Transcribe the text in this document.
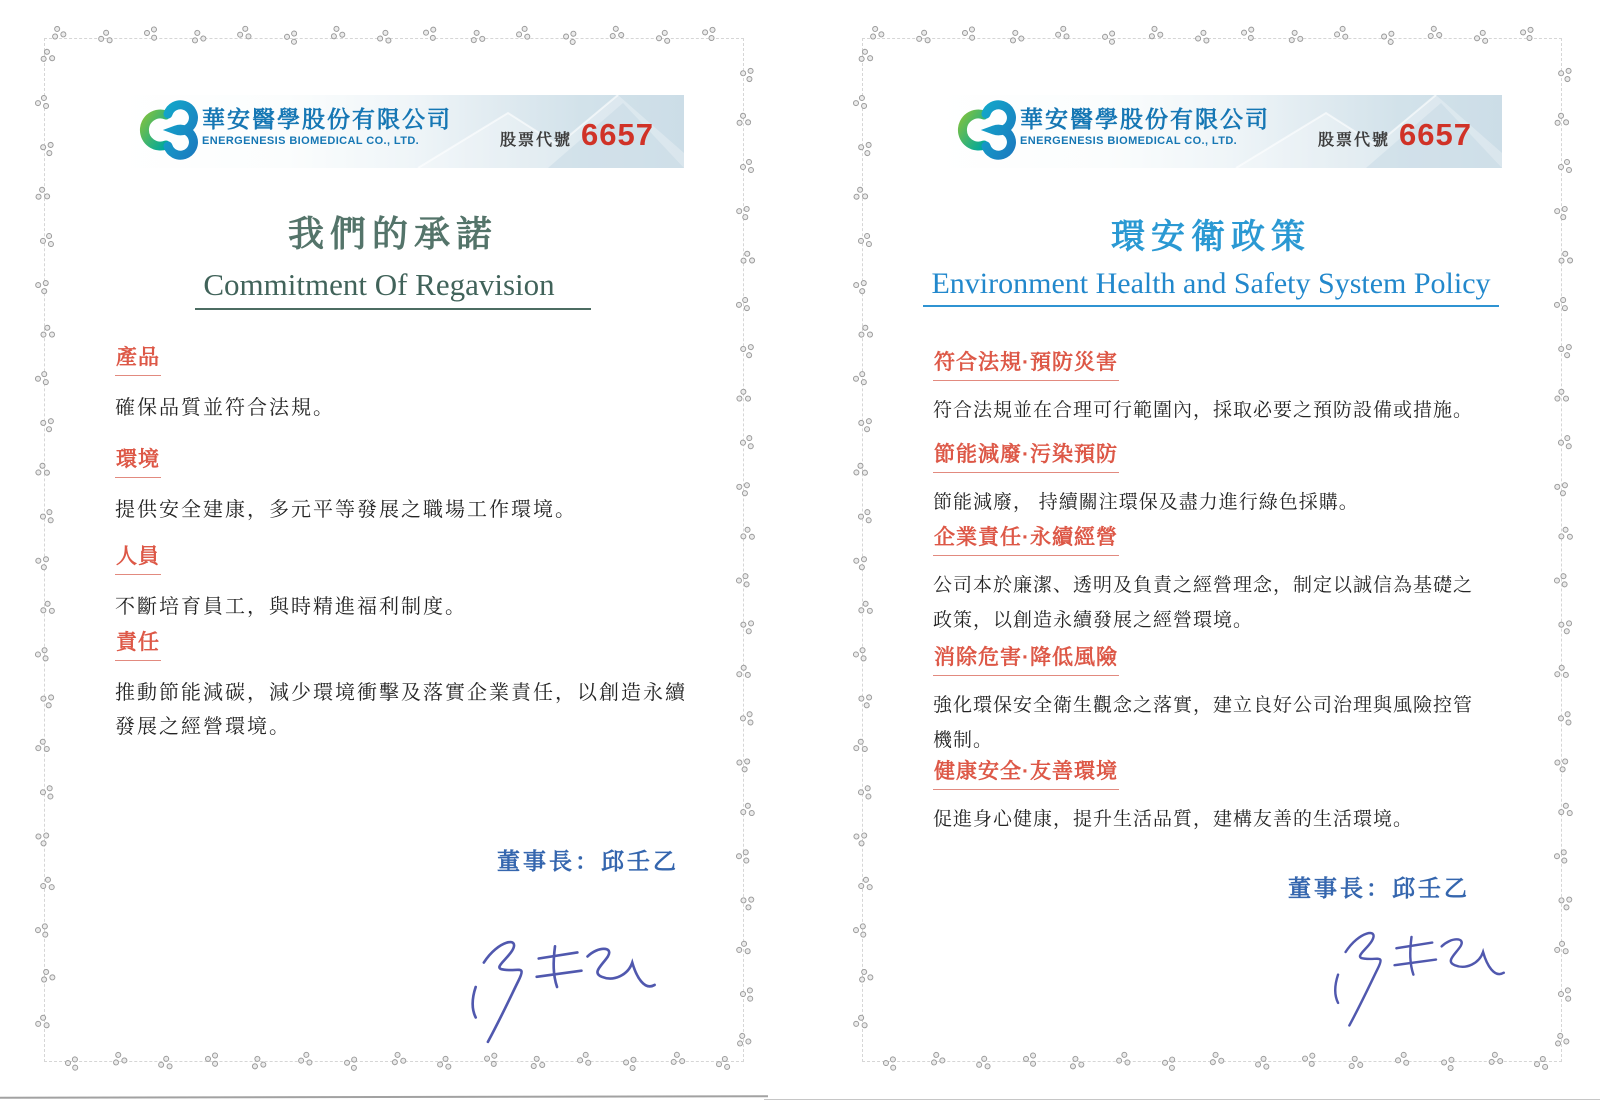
華安醫學股份有限公司
ENERGENESIS BIOMEDICAL CO., LTD.	股票代號 6657
我們的承諾
Commitment Of Regavision
產品

確保品質並符合法規。

環境

提供安全建康，多元平等發展之職場工作環境。

人員

不斷培育員工，與時精進福利制度。

責任

推動節能減碳，減少環境衝擊及落實企業責任，以創造永續發展之經營環境。

董事長：邱壬乙
華安醫學股份有限公司
ENERGENESIS BIOMEDICAL CO., LTD.	股票代號 6657
環安衛政策
Environment Health and Safety System Policy
符合法規·預防災害

符合法規並在合理可行範圍內，採取必要之預防設備或措施。

節能減廢·污染預防

節能減廢， 持續關注環保及盡力進行綠色採購。

企業責任·永續經營

公司本於廉潔、透明及負責之經營理念，制定以誠信為基礎之政策，以創造永續發展之經營環境。

消除危害·降低風險

強化環保安全衛生觀念之落實，建立良好公司治理與風險控管機制。

健康安全·友善環境

促進身心健康，提升生活品質，建構友善的生活環境。

董事長：邱壬乙
